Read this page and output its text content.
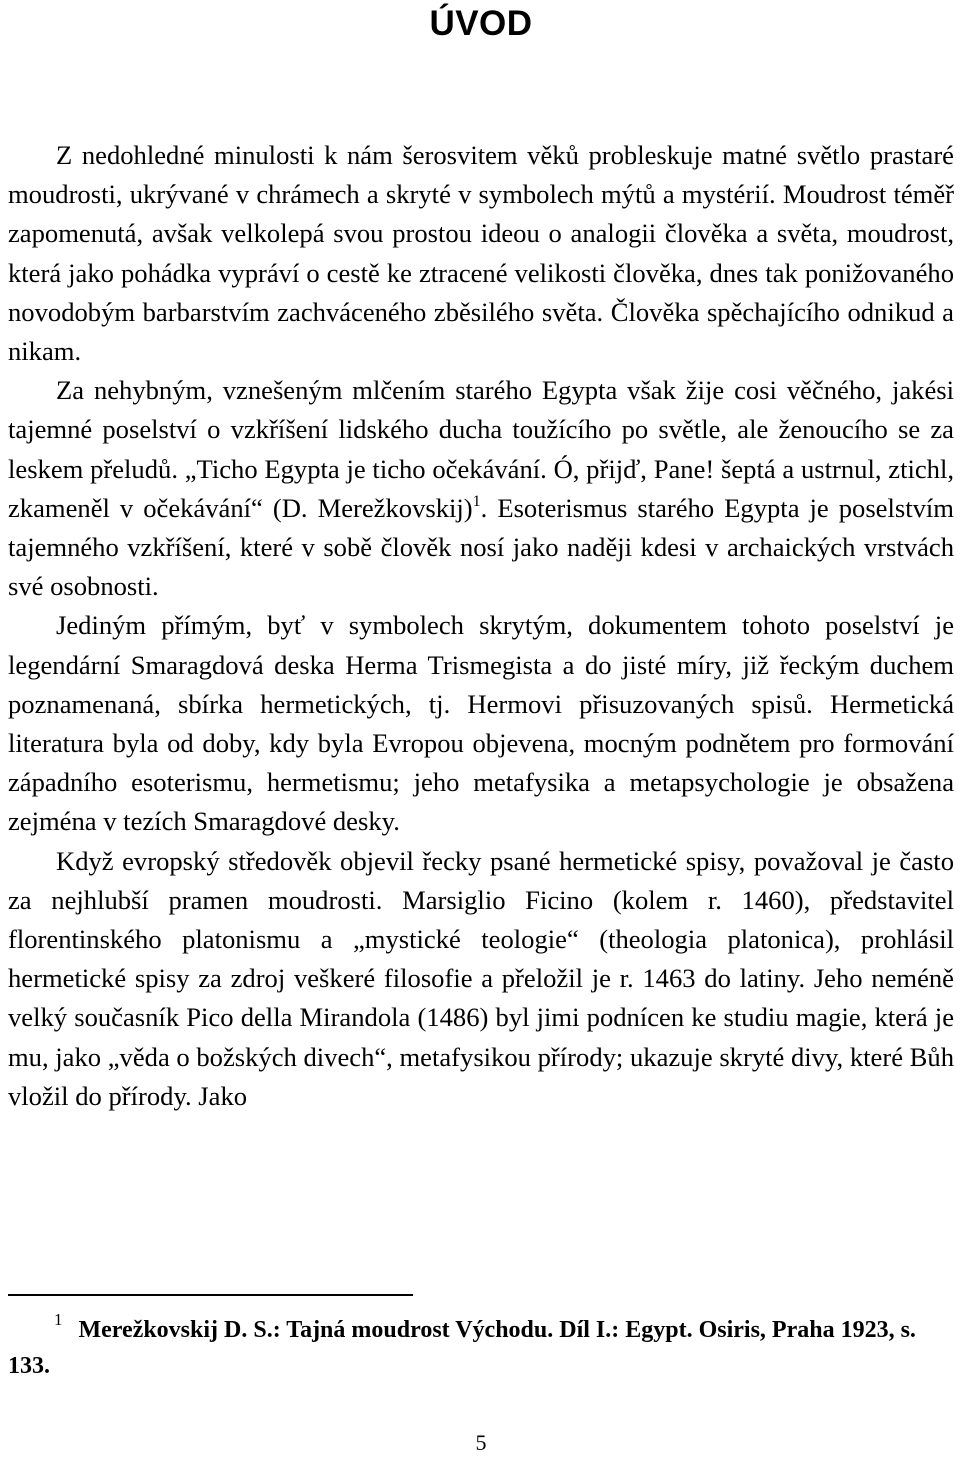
ÚVOD

Z nedohledné minulosti k nám šerosvitem věků probleskuje matné světlo prastaré moudrosti, ukrývané v chrámech a skryté v symbolech mýtů a mystérií. Moudrost téměř zapomenutá, avšak velkolepá svou prostou ideou o analogii člověka a světa, moudrost, která jako pohádka vypráví o cestě ke ztracené velikosti člověka, dnes tak ponižovaného novodobým barbarstvím zachváceného zběsilého světa. Člověka spěchajícího odnikud a nikam.

Za nehybným, vznešeným mlčením starého Egypta však žije cosi věčného, jakési tajemné poselství o vzkříšení lidského ducha toužícího po světle, ale ženoucího se za leskem přeludů. „Ticho Egypta je ticho očekávání. Ó, přijď, Pane! šeptá a ustrnul, ztichl, zkameněl v očekávání“ (D. Merežkovskij)$^1$. Esoterismus starého Egypta je poselstvím tajemného vzkříšení, které v sobě člověk nosí jako naději kdesi v archaických vrstvách své osobnosti.

Jediným přímým, byť v symbolech skrytým, dokumentem tohoto poselství je legendární Smaragdová deska Herma Trismegista a do jisté míry, již řeckým duchem poznamenaná, sbírka hermetických, tj. Hermovi přisuzovaných spisů. Hermetická literatura byla od doby, kdy byla Evropou objevena, mocným podnětem pro formování západního esoterismu, hermetismu; jeho metafysika a metapsychologie je obsažena zejména v tezích Smaragdové desky.

Když evropský středověk objevil řecky psané hermetické spisy, považoval je často za nejhlubší pramen moudrosti. Marsiglio Ficino (kolem r. 1460), představitel florentinského platonismu a „mystické teologie“ (theologia platonica), prohlásil hermetické spisy za zdroj veškeré filosofie a přeložil je r. 1463 do latiny. Jeho neméně velký současník Pico della Mirandola (1486) byl jimi podnícen ke studiu magie, která je mu, jako „věda o božských divech“, metafysikou přírody; ukazuje skryté divy, které Bůh vložil do přírody. Jako

$^1$ Merežkovskij D. S.: Tajná moudrost Východu. Díl I.: Egypt. Osiris, Praha 1923, s. 133.
5
